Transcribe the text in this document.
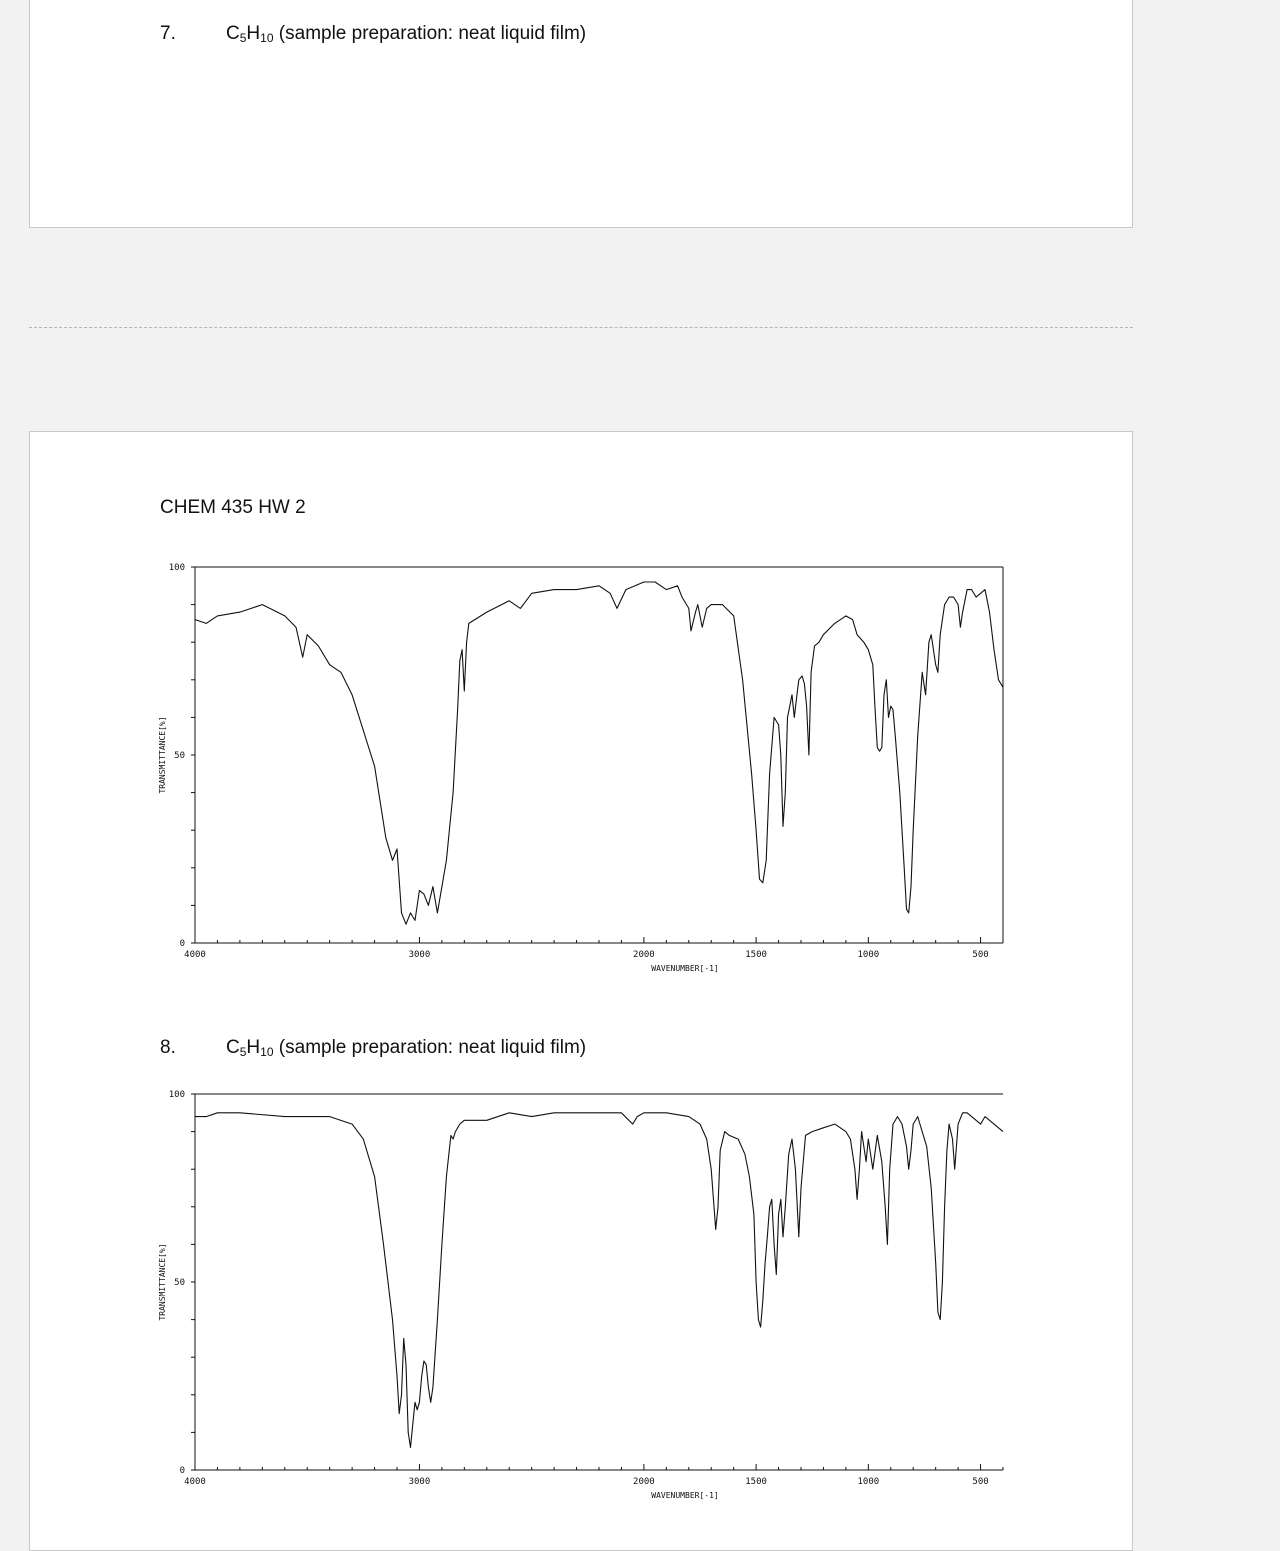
7.	$C_5H_{10}$ (sample preparation: neat liquid film)
CHEM 435 HW 2
4000	3000	2000	1500	1000	500
0
50
100
WAVENUMBER[-1]
TRANSMITTANCE[%]
8.	$C_5H_{10}$ (sample preparation: neat liquid film)
4000	3000	2000	1500	1000	500
0
50
100
WAVENUMBER[-1]
TRANSMITTANCE[%]
